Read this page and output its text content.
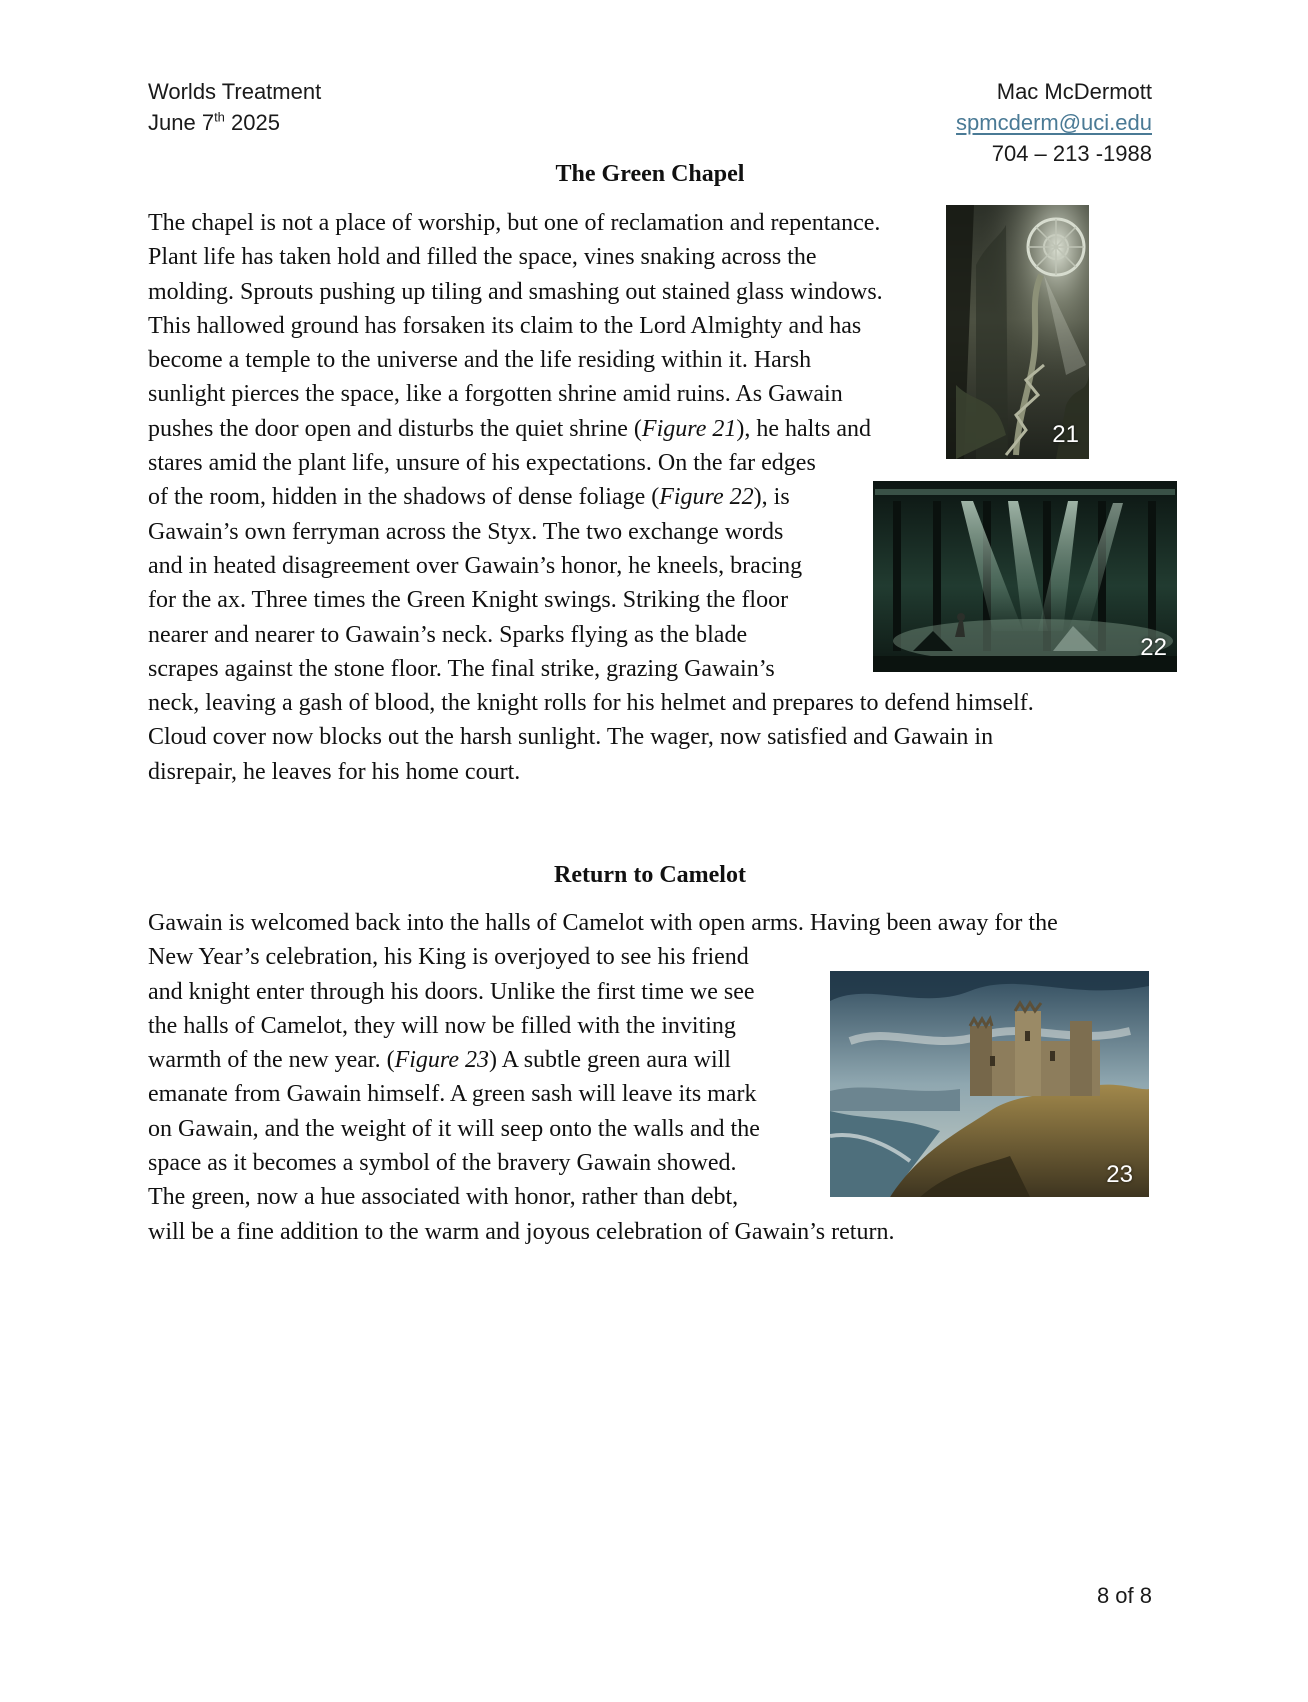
Worlds Treatment
June 7th 2025
Mac McDermott
spmcderm@uci.edu
704 – 213 -1988
The Green Chapel
The chapel is not a place of worship, but one of reclamation and repentance.
Plant life has taken hold and filled the space, vines snaking across the
molding. Sprouts pushing up tiling and smashing out stained glass windows.
This hallowed ground has forsaken its claim to the Lord Almighty and has
become a temple to the universe and the life residing within it. Harsh
sunlight pierces the space, like a forgotten shrine amid ruins. As Gawain
pushes the door open and disturbs the quiet shrine (Figure 21), he halts and
stares amid the plant life, unsure of his expectations. On the far edges
of the room, hidden in the shadows of dense foliage (Figure 22), is
Gawain’s own ferryman across the Styx. The two exchange words
and in heated disagreement over Gawain’s honor, he kneels, bracing
for the ax. Three times the Green Knight swings. Striking the floor
nearer and nearer to Gawain’s neck. Sparks flying as the blade
scrapes against the stone floor. The final strike, grazing Gawain’s
neck, leaving a gash of blood, the knight rolls for his helmet and prepares to defend himself.
Cloud cover now blocks out the harsh sunlight. The wager, now satisfied and Gawain in
disrepair, he leaves for his home court.
21
22
Return to Camelot
Gawain is welcomed back into the halls of Camelot with open arms. Having been away for the
New Year’s celebration, his King is overjoyed to see his friend
and knight enter through his doors. Unlike the first time we see
the halls of Camelot, they will now be filled with the inviting
warmth of the new year. (Figure 23) A subtle green aura will
emanate from Gawain himself. A green sash will leave its mark
on Gawain, and the weight of it will seep onto the walls and the
space as it becomes a symbol of the bravery Gawain showed.
The green, now a hue associated with honor, rather than debt,
will be a fine addition to the warm and joyous celebration of Gawain’s return.
23
8 of 8
